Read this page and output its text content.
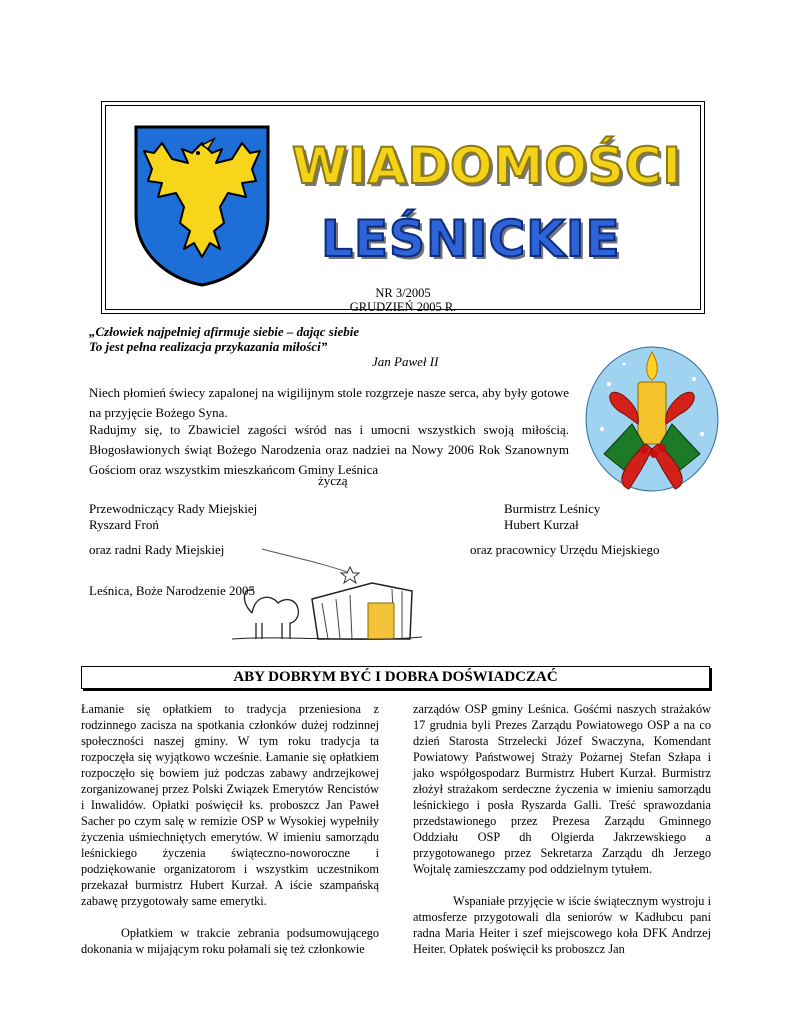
WIADOMOŚCI
LEŚNICKIE
NR 3/2005
GRUDZIEŃ 2005 R.
„Człowiek najpełniej afirmuje siebie – dając siebie
To jest pełna realizacja przykazania miłości”
Jan Paweł II
Niech płomień świecy zapalonej na wigilijnym stole rozgrzeje nasze serca, aby były gotowe na przyjęcie Bożego Syna.
Radujmy się, to Zbawiciel zagości wśród nas i umocni wszystkich swoją miłością. Błogosławionych świąt Bożego Narodzenia oraz nadziei na Nowy 2006 Rok Szanownym Gościom oraz wszystkim mieszkańcom Gminy Leśnica
życzą
Przewodniczący Rady Miejskiej
Ryszard Froń
Burmistrz Leśnicy
Hubert Kurzał
oraz radni Rady Miejskiej	oraz pracownicy Urzędu Miejskiego
Leśnica, Boże Narodzenie 2005
ABY DOBRYM BYĆ I DOBRA DOŚWIADCZAĆ

Łamanie się opłatkiem to tradycja przeniesiona z rodzinnego zacisza na spotkania członków dużej rodzinnej społeczności naszej gminy. W tym roku tradycja ta rozpoczęła się wyjątkowo wcześnie. Łamanie się opłatkiem rozpoczęło się bowiem już podczas zabawy andrzejkowej zorganizowanej przez Polski Związek Emerytów Rencistów i Inwalidów. Opłatki poświęcił ks. proboszcz Jan Paweł Sacher po czym salę w remizie OSP w Wysokiej wypełniły życzenia uśmiechniętych emerytów. W imieniu samorządu leśnickiego życzenia świąteczno-noworoczne i podziękowanie organizatorom i wszystkim uczestnikom przekazał burmistrz Hubert Kurzał. A iście szampańską zabawę przygotowały same emerytki.

Opłatkiem w trakcie zebrania podsumowującego dokonania w mijającym roku połamali się też członkowie

zarządów OSP gminy Leśnica. Gośćmi naszych strażaków 17 grudnia byli Prezes Zarządu Powiatowego OSP a na co dzień Starosta Strzelecki Józef Swaczyna, Komendant Powiatowy Państwowej Straży Pożarnej Stefan Szłapa i jako współgospodarz Burmistrz Hubert Kurzał. Burmistrz złożył strażakom serdeczne życzenia w imieniu samorządu leśnickiego i posła Ryszarda Galli. Treść sprawozdania przedstawionego przez Prezesa Zarządu Gminnego Oddziału OSP dh Olgierda Jakrzewskiego a przygotowanego przez Sekretarza Zarządu dh Jerzego Wojtalę zamieszczamy pod oddzielnym tytułem.

Wspaniałe przyjęcie w iście świątecznym wystroju i atmosferze przygotowali dla seniorów w Kadłubcu pani radna Maria Heiter i szef miejscowego koła DFK Andrzej Heiter. Opłatek poświęcił ks proboszcz Jan
